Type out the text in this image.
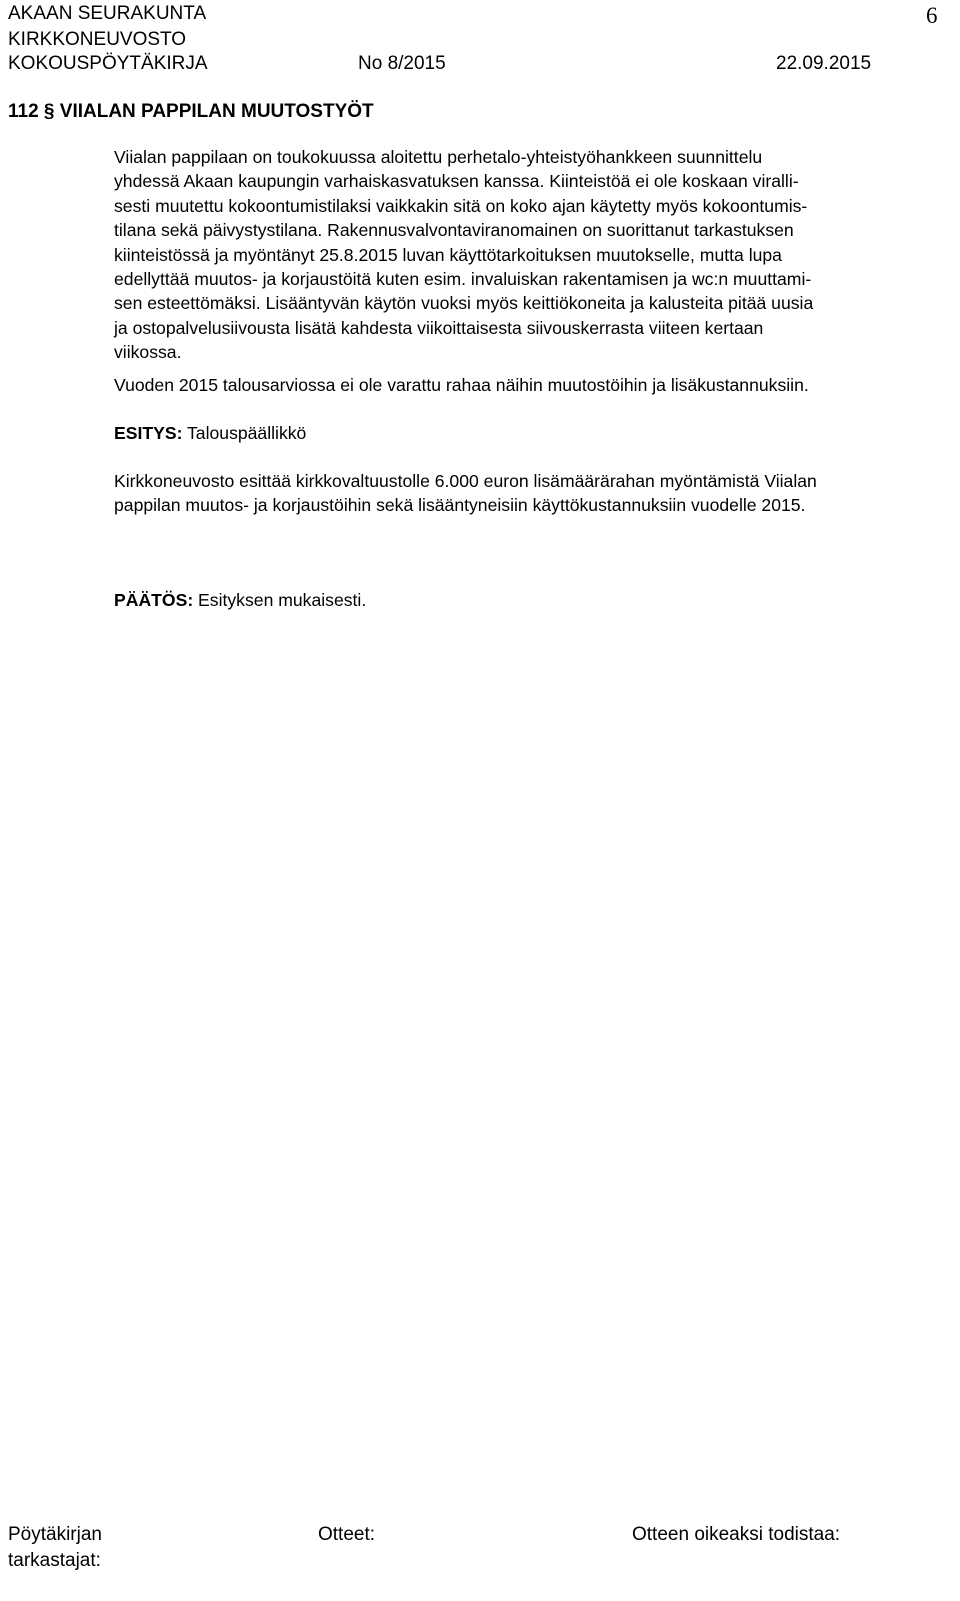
AKAAN SEURAKUNTA
KIRKKONEUVOSTO
KOKOUSPÖYTÄKIRJA	No 8/2015	22.09.2015
6
112 § VIIALAN PAPPILAN MUUTOSTYÖT
Viialan pappilaan on toukokuussa aloitettu perhetalo-yhteistyöhankkeen suunnittelu
yhdessä Akaan kaupungin varhaiskasvatuksen kanssa. Kiinteistöä ei ole koskaan viralli-
sesti muutettu kokoontumistilaksi vaikkakin sitä on koko ajan käytetty myös kokoontumis-
tilana sekä päivystystilana. Rakennusvalvontaviranomainen on suorittanut tarkastuksen
kiinteistössä ja myöntänyt 25.8.2015 luvan käyttötarkoituksen muutokselle, mutta lupa
edellyttää muutos- ja korjaustöitä kuten esim. invaluiskan rakentamisen ja wc:n muuttami-
sen esteettömäksi. Lisääntyvän käytön vuoksi myös keittiökoneita ja kalusteita pitää uusia
ja ostopalvelusiivousta lisätä kahdesta viikoittaisesta siivouskerrasta viiteen kertaan
viikossa.
Vuoden 2015 talousarviossa ei ole varattu rahaa näihin muutostöihin ja lisäkustannuksiin.
ESITYS: Talouspäällikkö
Kirkkoneuvosto esittää kirkkovaltuustolle 6.000 euron lisämäärärahan myöntämistä Viialan
pappilan muutos- ja korjaustöihin sekä lisääntyneisiin käyttökustannuksiin vuodelle 2015.
PÄÄTÖS: Esityksen mukaisesti.
Pöytäkirjan tarkastajat:
Otteet:	Otteen oikeaksi todistaa:
